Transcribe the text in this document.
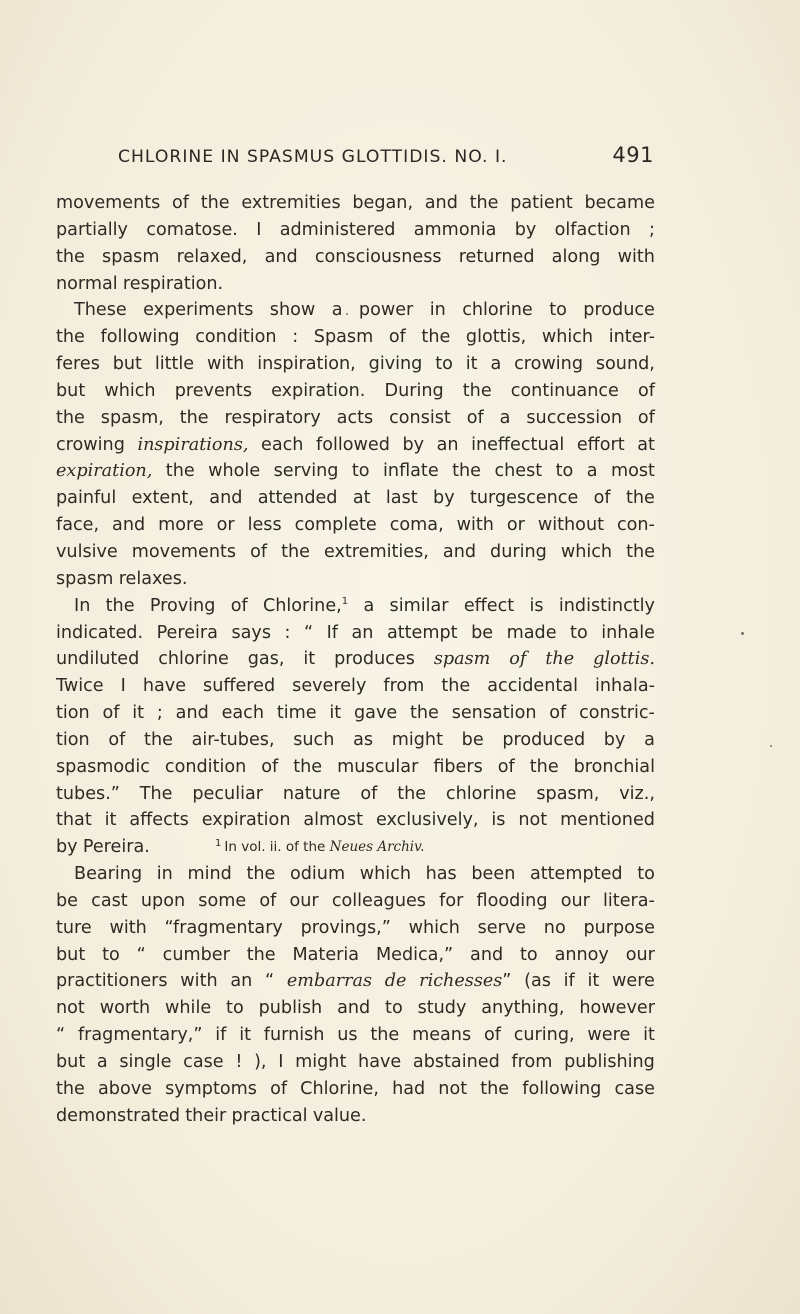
CHLORINE IN SPASMUS GLOTTIDIS. NO. I.	491
movements of the extremities began, and the patient became
partially comatose. I administered ammonia by olfaction ;
the spasm relaxed, and consciousness returned along with
normal respiration.
These experiments show a power in chlorine to produce
the following condition : Spasm of the glottis, which inter-
feres but little with inspiration, giving to it a crowing sound,
but which prevents expiration. During the continuance of
the spasm, the respiratory acts consist of a succession of
crowing inspirations, each followed by an ineffectual effort at
expiration, the whole serving to inflate the chest to a most
painful extent, and attended at last by turgescence of the
face, and more or less complete coma, with or without con-
vulsive movements of the extremities, and during which the
spasm relaxes.
In the Proving of Chlorine,$^1$ a similar effect is indistinctly
indicated. Pereira says : “ If an attempt be made to inhale
undiluted chlorine gas, it produces spasm of the glottis.
Twice I have suffered severely from the accidental inhala-
tion of it ; and each time it gave the sensation of constric-
tion of the air-tubes, such as might be produced by a
spasmodic condition of the muscular fibers of the bronchial
tubes.” The peculiar nature of the chlorine spasm, viz.,
that it affects expiration almost exclusively, is not mentioned
by Pereira.
Bearing in mind the odium which has been attempted to
be cast upon some of our colleagues for flooding our litera-
ture with “fragmentary provings,” which serve no purpose
but to “ cumber the Materia Medica,” and to annoy our
practitioners with an “ embarras de richesses” (as if it were
not worth while to publish and to study anything, however
“ fragmentary,” if it furnish us the means of curing, were it
but a single case ! ), I might have abstained from publishing
the above symptoms of Chlorine, had not the following case
demonstrated their practical value.
$^1$ In vol. ii. of the Neues Archiv.
